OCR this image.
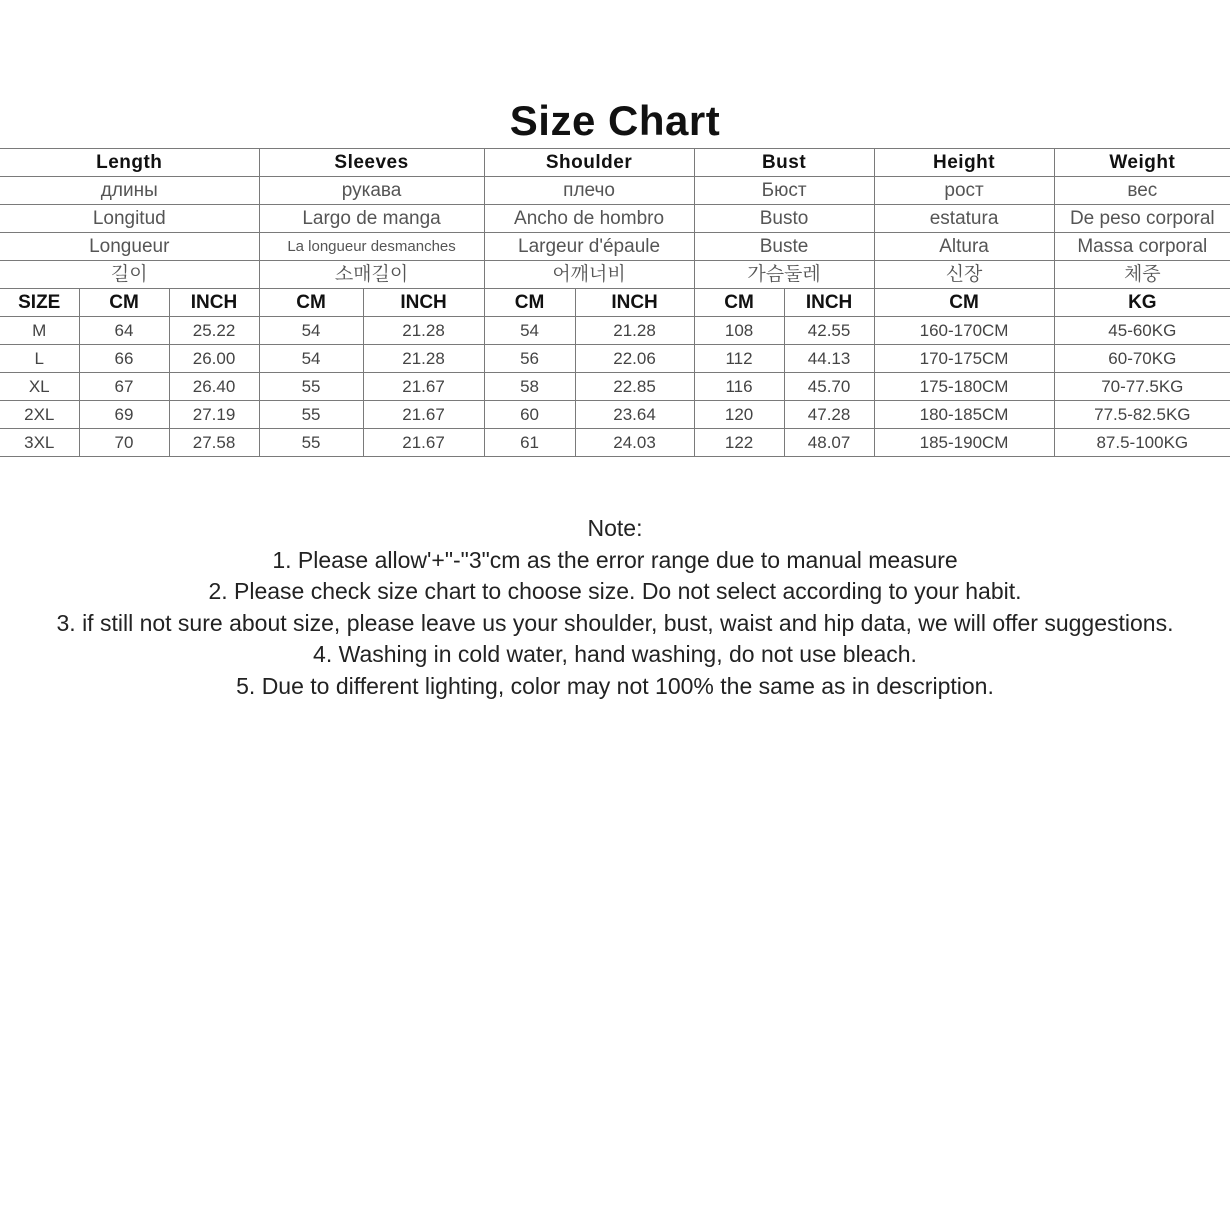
Size Chart
Length			Sleeves		Shoulder		Bust		Height	Weight
длины			рукава		плечо		Бюст		рост	вес
Longitud			Largo de manga		Ancho de hombro		Busto		estatura	De peso corporal
Longueur			La longueur desmanches		Largeur d'épaule		Buste		Altura	Massa corporal
길이			소매길이		어깨너비		가슴둘레		신장	체중
SIZE	CM	INCH	CM	INCH	CM	INCH	CM	INCH	CM	KG
M	64	25.22	54	21.28	54	21.28	108	42.55	160-170CM	45-60KG
L	66	26.00	54	21.28	56	22.06	112	44.13	170-175CM	60-70KG
XL	67	26.40	55	21.67	58	22.85	116	45.70	175-180CM	70-77.5KG
2XL	69	27.19	55	21.67	60	23.64	120	47.28	180-185CM	77.5-82.5KG
3XL	70	27.58	55	21.67	61	24.03	122	48.07	185-190CM	87.5-100KG
Note:
1. Please allow'+"-"3"cm as the error range due to manual measure
2. Please check size chart to choose size. Do not select according to your habit.
3. if still not sure about size, please leave us your shoulder, bust, waist and hip data, we will offer suggestions.
4. Washing in cold water, hand washing, do not use bleach.
5. Due to different lighting, color may not 100% the same as in description.
